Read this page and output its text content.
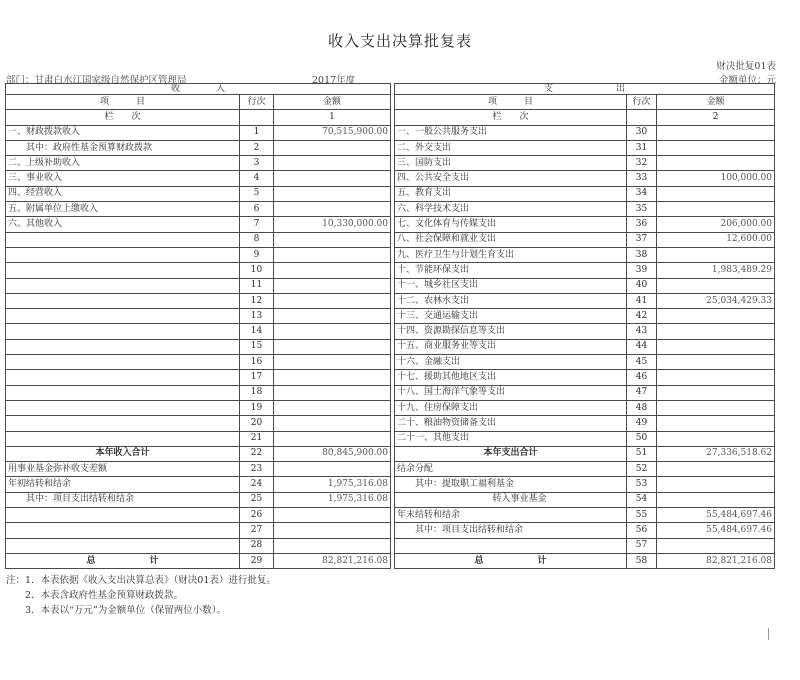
收入支出决算批复表
部门：甘肃白水江国家级自然保护区管理局	2017年度
财决批复01表
金额单位：元
收　　　　入				支　　　　　　　出		
项　　　目	行次	金额		项　　　目	行次	金额
栏　　次		1		栏　　次		2
一、财政拨款收入	1	70,515,900.00		一、一般公共服务支出	30	
其中：政府性基金预算财政拨款	2			二、外交支出	31	
二、上级补助收入	3			三、国防支出	32	
三、事业收入	4			四、公共安全支出	33	100,000.00
四、经营收入	5			五、教育支出	34	
五、附属单位上缴收入	6			六、科学技术支出	35	
六、其他收入	7	10,330,000.00		七、文化体育与传媒支出	36	206,000.00
	8			八、社会保障和就业支出	37	12,600.00
	9			九、医疗卫生与计划生育支出	38	
	10			十、节能环保支出	39	1,983,489.29
	11			十一、城乡社区支出	40	
	12			十二、农林水支出	41	25,034,429.33
	13			十三、交通运输支出	42	
	14			十四、资源勘探信息等支出	43	
	15			十五、商业服务业等支出	44	
	16			十六、金融支出	45	
	17			十七、援助其他地区支出	46	
	18			十八、国土海洋气象等支出	47	
	19			十九、住房保障支出	48	
	20			二十、粮油物资储备支出	49	
	21			二十一、其他支出	50	
本年收入合计	22	80,845,900.00		本年支出合计	51	27,336,518.62
用事业基金弥补收支差额	23			结余分配	52	
年初结转和结余	24	1,975,316.08		其中：提取职工福利基金	53	
其中：项目支出结转和结余	25	1,975,316.08		转入事业基金	54	
	26			年末结转和结余	55	55,484,697.46
	27			其中：项目支出结转和结余	56	55,484,697.46
	28				57	
总　　　　　　计	29	82,821,216.08		总　　　　　　计	58	82,821,216.08
注：1．本表依据《收入支出决算总表》（财决01表）进行批复。
2．本表含政府性基金预算财政拨款。
3．本表以“万元”为金额单位（保留两位小数）。
